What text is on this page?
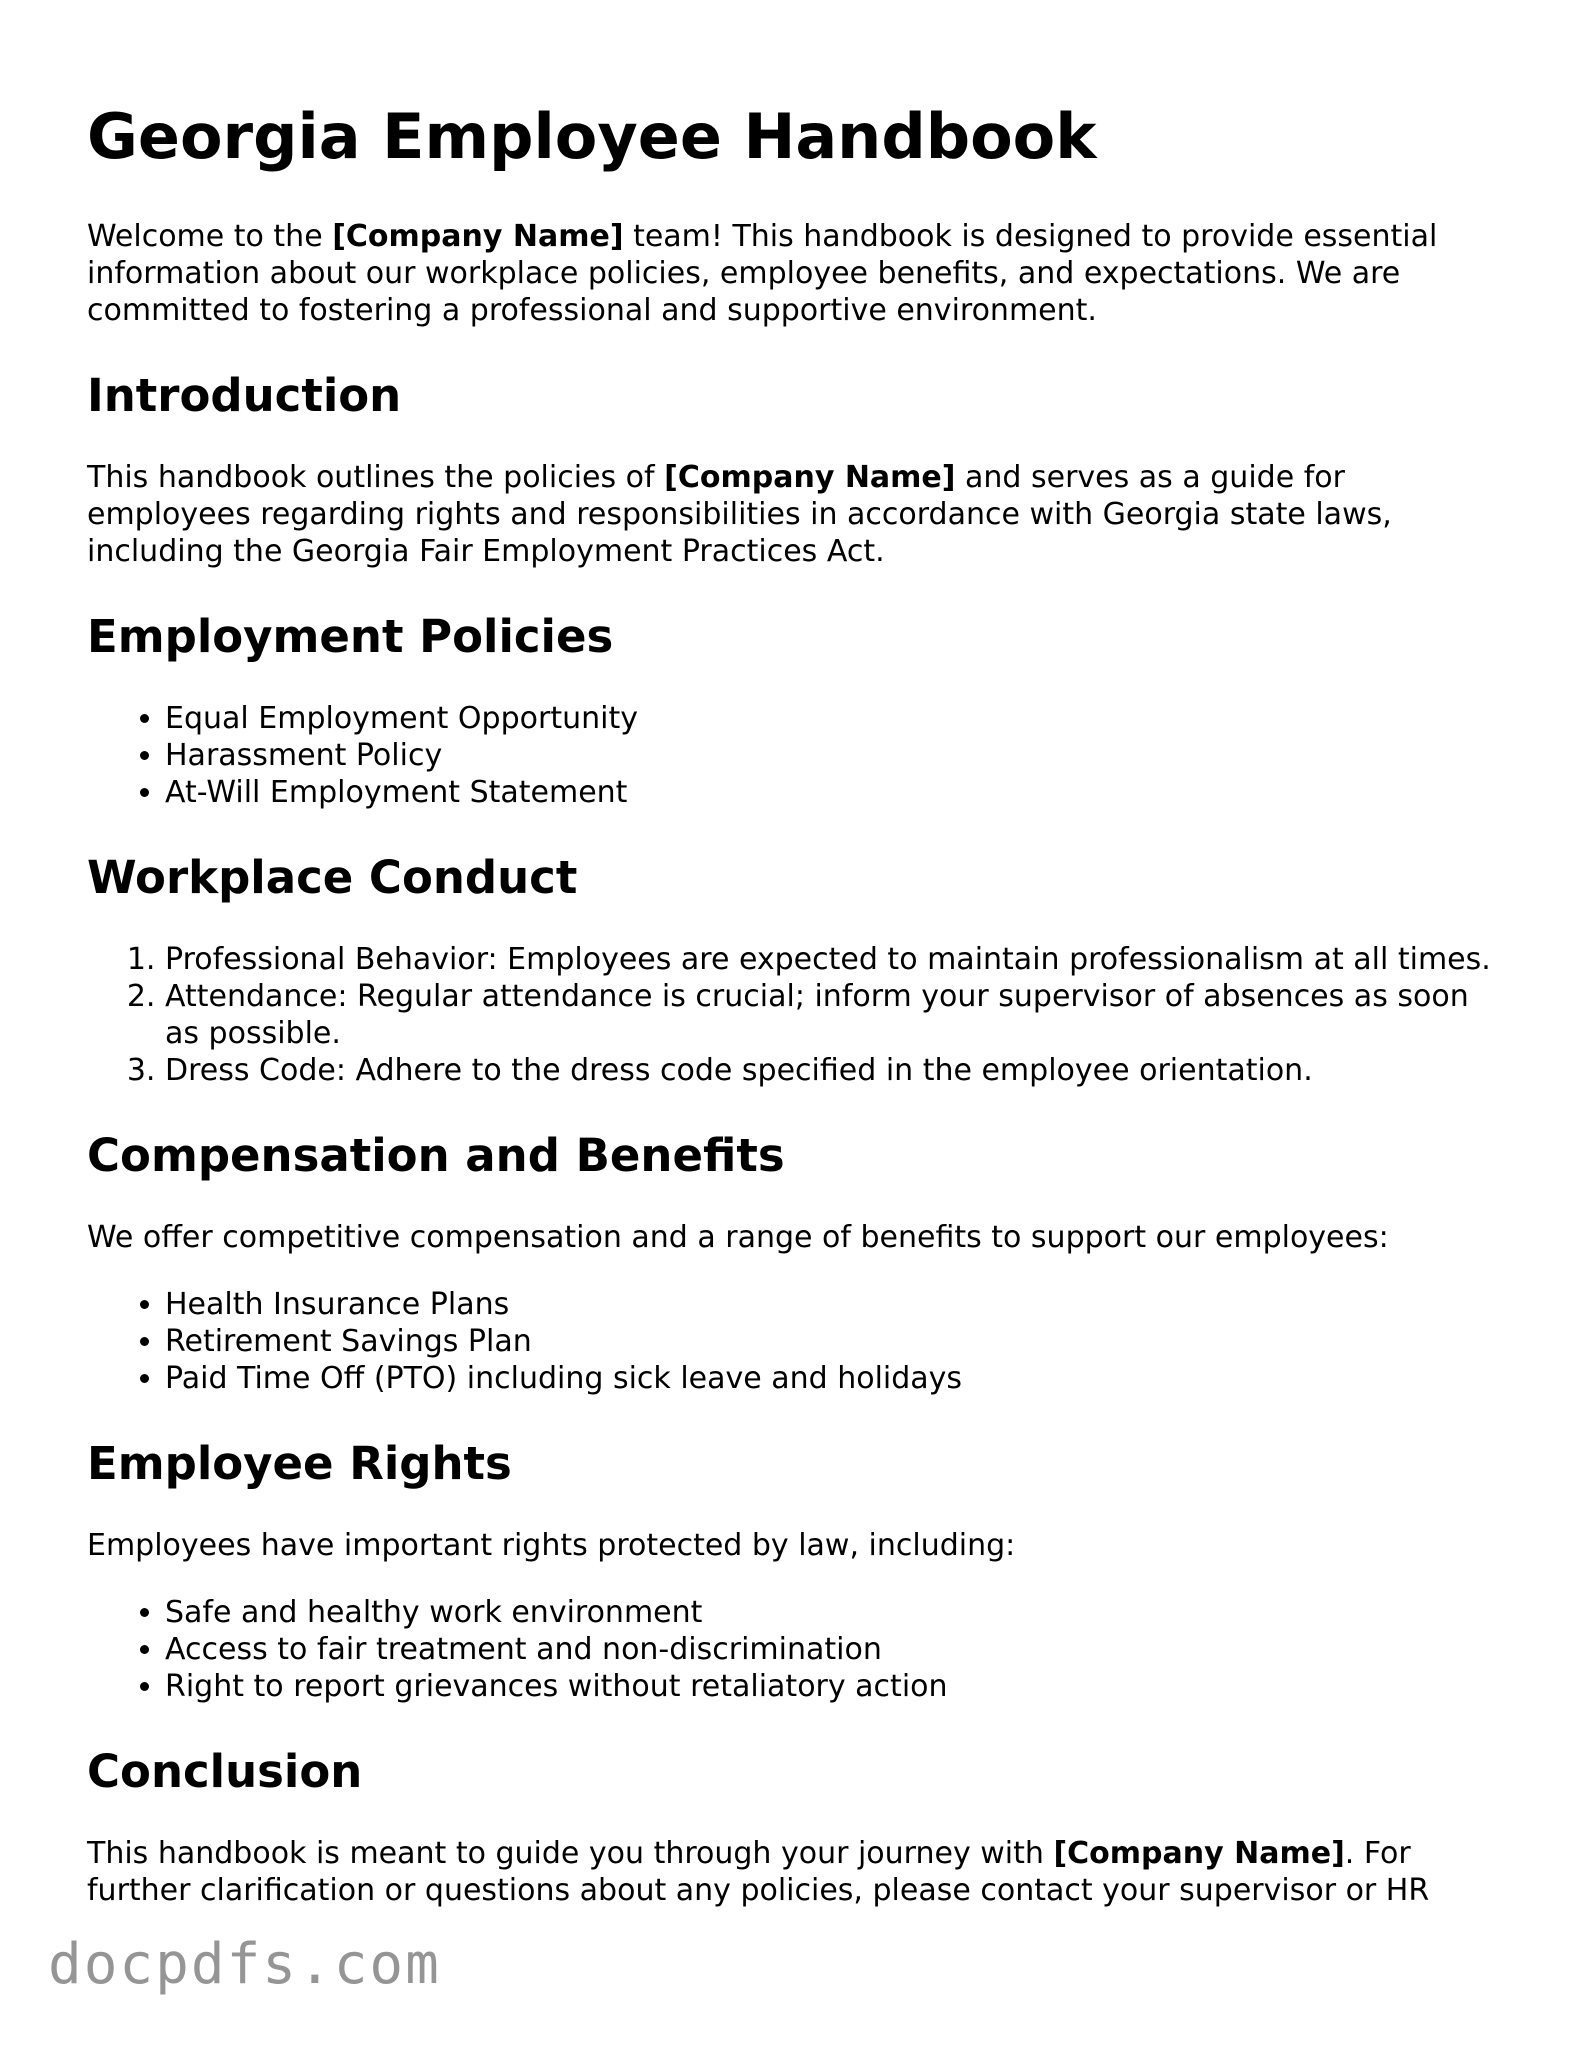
Georgia Employee Handbook

Welcome to the [Company Name] team! This handbook is designed to provide essential information about our workplace policies, employee benefits, and expectations. We are committed to fostering a professional and supportive environment.

Introduction

This handbook outlines the policies of [Company Name] and serves as a guide for employees regarding rights and responsibilities in accordance with Georgia state laws, including the Georgia Fair Employment Practices Act.

Employment Policies
• Equal Employment Opportunity
• Harassment Policy
• At-Will Employment Statement
Workplace Conduct
1. Professional Behavior: Employees are expected to maintain professionalism at all times.
2. Attendance: Regular attendance is crucial; inform your supervisor of absences as soon as possible.
3. Dress Code: Adhere to the dress code specified in the employee orientation.
Compensation and Benefits

We offer competitive compensation and a range of benefits to support our employees:

• Health Insurance Plans
• Retirement Savings Plan
• Paid Time Off (PTO) including sick leave and holidays
Employee Rights

Employees have important rights protected by law, including:

• Safe and healthy work environment
• Access to fair treatment and non-discrimination
• Right to report grievances without retaliatory action
Conclusion

This handbook is meant to guide you through your journey with [Company Name]. For further clarification or questions about any policies, please contact your supervisor or HR

docpdfs.com
